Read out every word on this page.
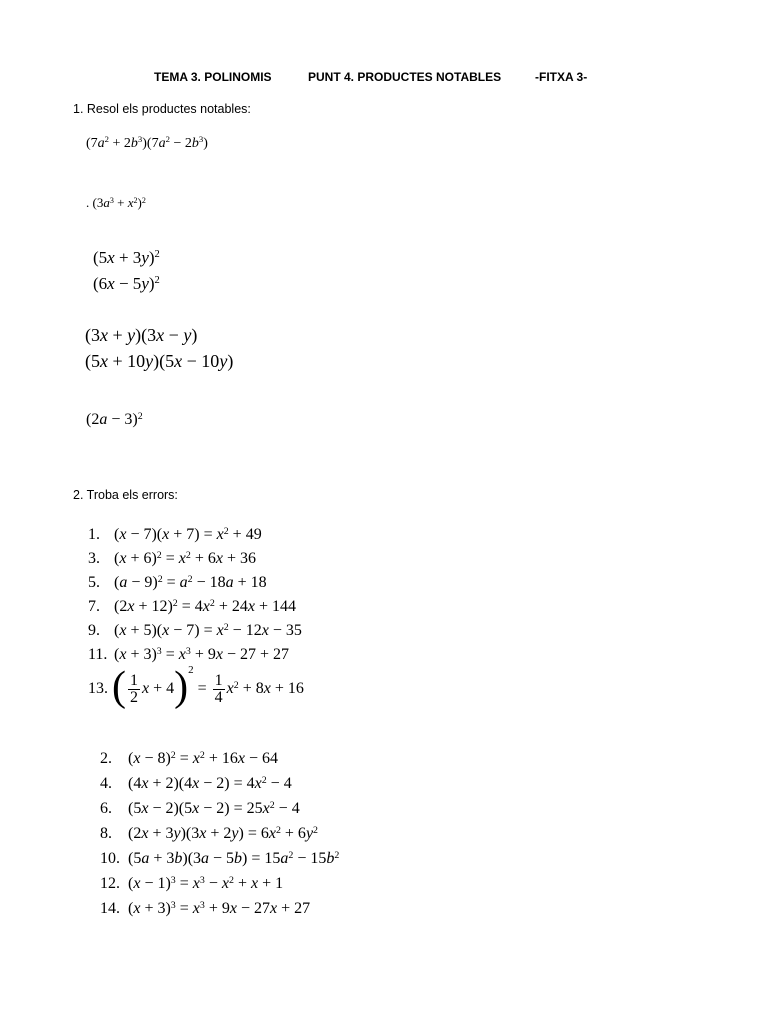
TEMA 3. POLINOMIS	PUNT 4. PRODUCTES NOTABLES	-FITXA 3-
1. Resol els productes notables:
$(7a^2 + 2b^3)(7a^2 - 2b^3)$
. $(3a^3 + x^2)^2$
$(5x + 3y)^2$
$(6x - 5y)^2$
(3x + y)(3x − y)
(5x + 10y)(5x − 10y)
$(2a - 3)^2$
2. Troba els errors:
1. $(x - 7)(x + 7) = x^2 + 49$
3. $(x + 6)^2 = x^2 + 6x + 36$
5. $(a - 9)^2 = a^2 - 18a + 18$
7. $(2x + 12)^2 = 4x^2 + 24x + 144$
9. $(x + 5)(x - 7) = x^2 - 12x - 35$
11. $(x + 3)^3 = x^3 + 9x - 27 + 27$
$13.( \frac{1}{2}$ $x + 4)^2 = \frac{1}{4} x^2 + 8x + 16$
2. $(x - 8)^2 = x^2 + 16x - 64$
4. $(4x + 2)(4x - 2) = 4x^2 - 4$
6. $(5x - 2)(5x - 2) = 25x^2 - 4$
8. $(2x + 3y)(3x + 2y) = 6x^2 + 6y^2$
10. $(5a + 3b)(3a - 5b) = 15a^2 - 15b^2$
12. $(x - 1)^3 = x^3 - x^2 + x + 1$
14. $(x + 3)^3 = x^3 + 9x - 27x + 27$
